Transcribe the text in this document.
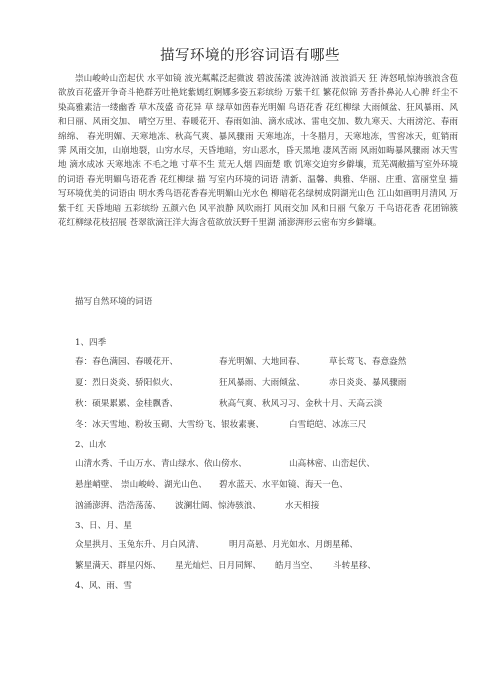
描写环境的形容词语有哪些

崇山峻岭山峦起伏 水平如镜 波光粼粼泛起微波 碧波荡漾 波涛汹涌 波浪滔天 狂 涛怒吼惊涛骇浪含苞欲放百花盛开争奇斗艳群芳吐艳姹紫嫣红婀娜多姿五彩缤纷 万紫千红 繁花似锦 芳香扑鼻沁人心脾 纤尘不染高雅素洁一缕幽香 草木茂盛 奇花异 草 绿草如茵春光明媚 鸟语花香 花红柳绿 大雨倾盆、狂风暴雨、风和日丽、风雨交加、 晴空万里、春暖花开、春雨如油、滴水成冰、雷电交加、数九寒天、大雨滂沱、春雨绵绵、 春光明媚、天寒地冻、秋高气爽、暴风骤雨 天寒地冻，十冬腊月，天寒地冻，雪窖冰天，虹销雨霁 风雨交加，山崩地裂，山穷水尽，天昏地暗，穷山恶水，昏天黑地 凄风苦雨 风雨如晦暴风骤雨 冰天雪地 滴水成冰 天寒地冻 不毛之地 寸草不生 荒无人烟 四面楚 歌 饥寒交迫穷乡僻壤，荒芜凋敝描写室外环境的词语 春光明媚鸟语花香 花红柳绿 描 写室内环境的词语 清新、温馨、典雅、华丽、庄重、富丽堂皇 描写环境优美的词语由 明水秀鸟语花香春光明媚山光水色 柳暗花名绿树成阴湖光山色 江山如画明月清风 万紫千红 天昏地暗 五彩缤纷 五颜六色 风平浪静 风吹雨打 风雨交加 风和日丽 气象万 千鸟语花香 花团锦簇花红柳绿花枝招展 苍翠欲滴汪洋大海含苞欲放沃野千里湖 涌澎湃形云密布穷乡僻壤。

描写自然环境的词语
1、四季
春：春色满园、春暖花开、	春光明媚、大地回春、	草长莺飞、春意盎然
夏：烈日炎炎、骄阳似火、	狂风暴雨、大雨倾盆、	赤日炎炎、暴风骤雨
秋：硕果累累、金桂飘香、	秋高气爽、秋风习习、金秋十月、天高云淡
冬：冰天雪地、粉妆玉砌、大雪纷飞、银妆素裹、	白雪皑皑、冰冻三尺
2、山水
山清水秀、千山万水、青山绿水、依山傍水、	山高林密、山峦起伏、
悬崖峭壁、 崇山峻岭、湖光山色、 碧水蓝天、水平如镜、海天一色、
汹涌澎湃、浩浩荡荡、 波澜壮阔、惊涛骇浪、	水天相接
3、日、月、星
众星拱月、玉兔东升、月白风清、	明月高悬、月光如水、月朗星稀、
繁星满天、群星闪烁、 星光灿烂、日月同辉、 皓月当空、 斗转星移、
4、风、雨、雪
